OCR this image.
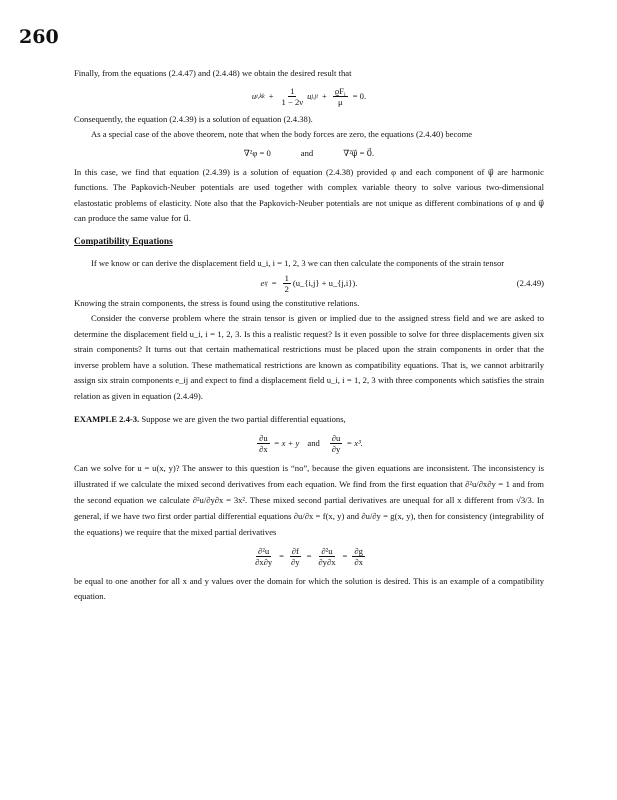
260

Finally, from the equations (2.4.47) and (2.4.48) we obtain the desired result that

u $i,kk + \frac{1}{1 - 2\nu}$ u $j,ji + \frac{ϱF_i}{\mu} = 0$.

Consequently, the equation (2.4.39) is a solution of equation (2.4.38).

As a special case of the above theorem, note that when the body forces are zero, the equations (2.4.40) become

∇²φ = 0	and	∇²ψ⃗ = 0⃗.

In this case, we find that equation (2.4.39) is a solution of equation (2.4.38) provided φ and each component of ψ⃗ are harmonic functions. The Papkovich-Neuber potentials are used together with complex variable theory to solve various two-dimensional elastostatic problems of elasticity. Note also that the Papkovich-Neuber potentials are not unique as different combinations of φ and ψ⃗ can produce the same value for u⃗.

Compatibility Equations

If we know or can derive the displacement field u_i, i = 1, 2, 3 we can then calculate the components of the strain tensor

e ij = $\frac{1}{2}$ (u_{i,j} + u_{j,i}).	(2.4.49)

Knowing the strain components, the stress is found using the constitutive relations.

Consider the converse problem where the strain tensor is given or implied due to the assigned stress field and we are asked to determine the displacement field u_i, i = 1, 2, 3. Is this a realistic request? Is it even possible to solve for three displacements given six strain components? It turns out that certain mathematical restrictions must be placed upon the strain components in order that the inverse problem have a solution. These mathematical restrictions are known as compatibility equations. That is, we cannot arbitrarily assign six strain components e_ij and expect to find a displacement field u_i, i = 1, 2, 3 with three components which satisfies the strain relation as given in equation (2.4.49).

EXAMPLE 2.4-3. Suppose we are given the two partial differential equations,

$\frac{\partial u}{\partial x} = x + y$ and $\frac{\partial u}{\partial y} = x^3$.

Can we solve for u = u(x, y)? The answer to this question is “no”, because the given equations are inconsistent. The inconsistency is illustrated if we calculate the mixed second derivatives from each equation. We find from the first equation that ∂²u/∂x∂y = 1 and from the second equation we calculate ∂²u/∂y∂x = 3x². These mixed second partial derivatives are unequal for all x different from √3/3. In general, if we have two first order partial differential equations ∂u/∂x = f(x, y) and ∂u/∂y = g(x, y), then for consistency (integrability of the equations) we require that the mixed partial derivatives

$\frac{\text{∂²u}}{\partial x\partial y} = \frac{\partial f}{\partial y} = \frac{\text{∂²u}}{\partial y\partial x} = \frac{\partial g}{\partial x}$

be equal to one another for all x and y values over the domain for which the solution is desired. This is an example of a compatibility equation.
